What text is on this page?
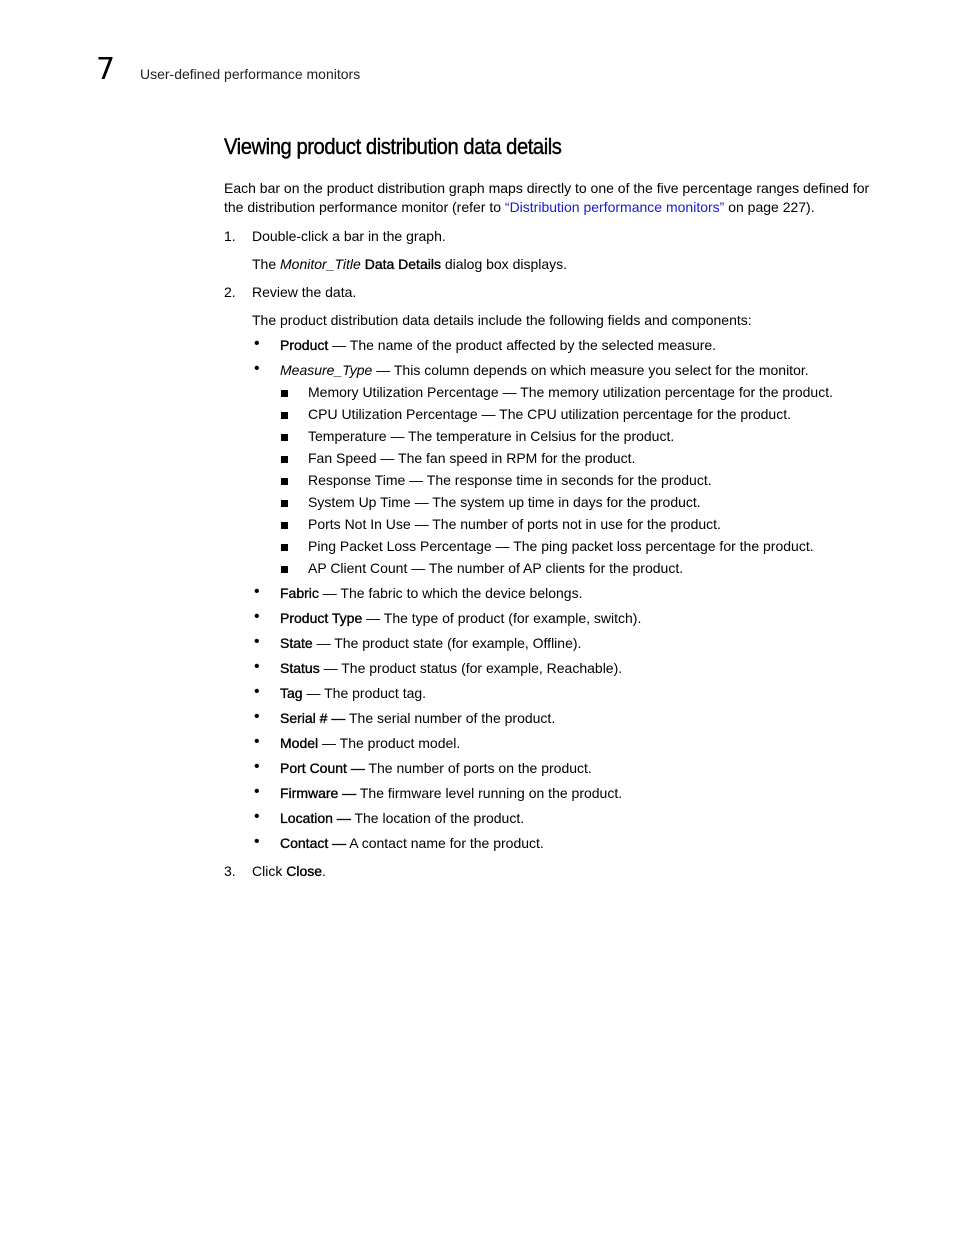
7 User-defined performance monitors
Viewing product distribution data details

Each bar on the product distribution graph maps directly to one of the five percentage ranges defined for the distribution performance monitor (refer to “Distribution performance monitors” on page 227).

1. Double-click a bar in the graph.
The Monitor_Title Data Details dialog box displays.
2. Review the data.
The product distribution data details include the following fields and components:
• Product — The name of the product affected by the selected measure.
• Measure_Type — This column depends on which measure you select for the monitor.
Memory Utilization Percentage — The memory utilization percentage for the product.
CPU Utilization Percentage — The CPU utilization percentage for the product.
Temperature — The temperature in Celsius for the product.
Fan Speed — The fan speed in RPM for the product.
Response Time — The response time in seconds for the product.
System Up Time — The system up time in days for the product.
Ports Not In Use — The number of ports not in use for the product.
Ping Packet Loss Percentage — The ping packet loss percentage for the product.
AP Client Count — The number of AP clients for the product.
• Fabric — The fabric to which the device belongs.
• Product Type — The type of product (for example, switch).
• State — The product state (for example, Offline).
• Status — The product status (for example, Reachable).
• Tag — The product tag.
• Serial # — The serial number of the product.
• Model — The product model.
• Port Count — The number of ports on the product.
• Firmware — The firmware level running on the product.
• Location — The location of the product.
• Contact — A contact name for the product.
3. Click Close.
